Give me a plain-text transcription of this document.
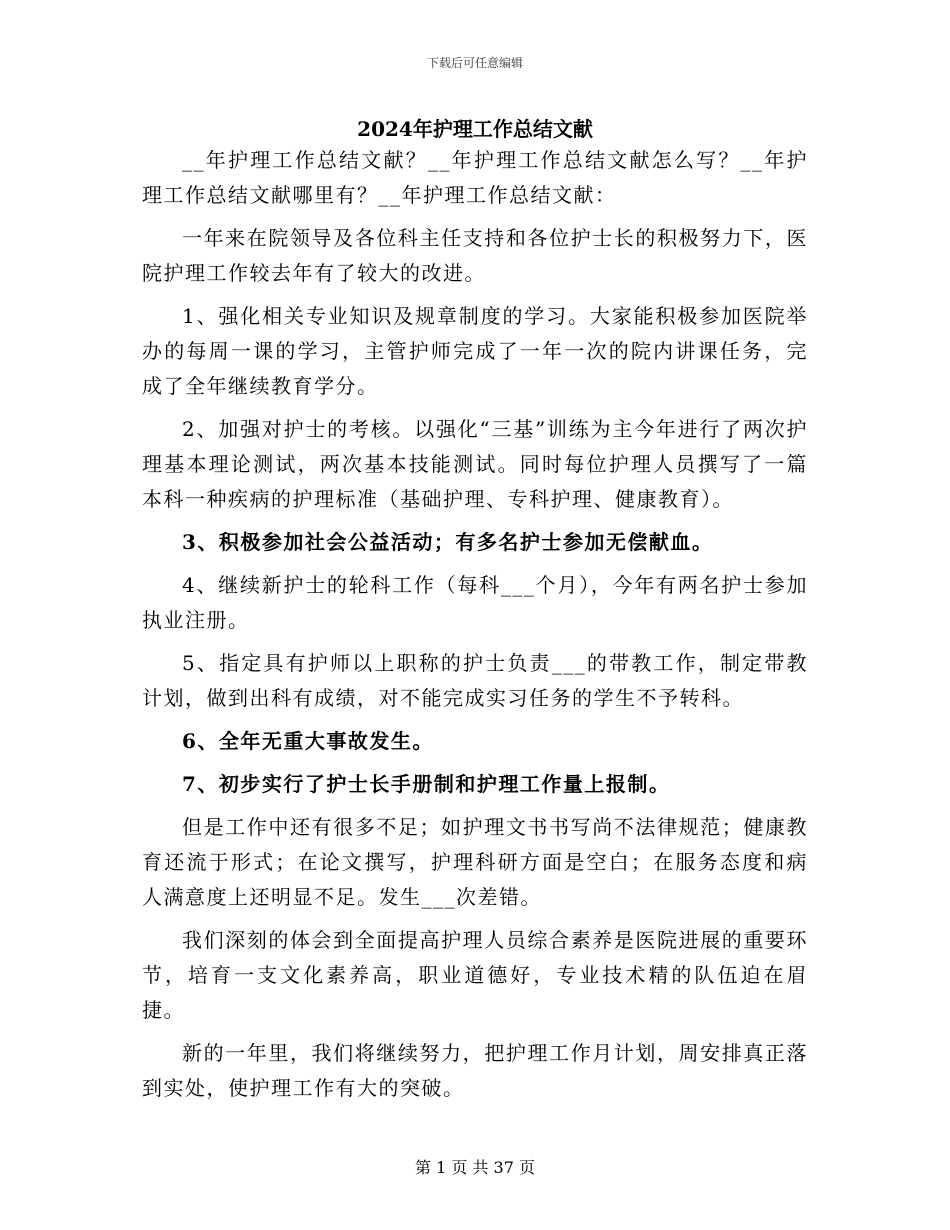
下载后可任意编辑
2024年护理工作总结文献

__年护理工作总结文献？__年护理工作总结文献怎么写？__年护理工作总结文献哪里有？__年护理工作总结文献：

一年来在院领导及各位科主任支持和各位护士长的积极努力下，医院护理工作较去年有了较大的改进。

1、强化相关专业知识及规章制度的学习。大家能积极参加医院举办的每周一课的学习，主管护师完成了一年一次的院内讲课任务，完成了全年继续教育学分。

2、加强对护士的考核。以强化“三基”训练为主今年进行了两次护理基本理论测试，两次基本技能测试。同时每位护理人员撰写了一篇本科一种疾病的护理标准（基础护理、专科护理、健康教育）。

3、积极参加社会公益活动；有多名护士参加无偿献血。

4、继续新护士的轮科工作（每科___个月），今年有两名护士参加执业注册。

5、指定具有护师以上职称的护士负责___的带教工作，制定带教计划，做到出科有成绩，对不能完成实习任务的学生不予转科。

6、全年无重大事故发生。

7、初步实行了护士长手册制和护理工作量上报制。

但是工作中还有很多不足；如护理文书书写尚不法律规范；健康教育还流于形式；在论文撰写，护理科研方面是空白；在服务态度和病人满意度上还明显不足。发生___次差错。

我们深刻的体会到全面提高护理人员综合素养是医院进展的重要环节，培育一支文化素养高，职业道德好，专业技术精的队伍迫在眉捷。

新的一年里，我们将继续努力，把护理工作月计划，周安排真正落到实处，使护理工作有大的突破。

第 1 页 共 37 页
